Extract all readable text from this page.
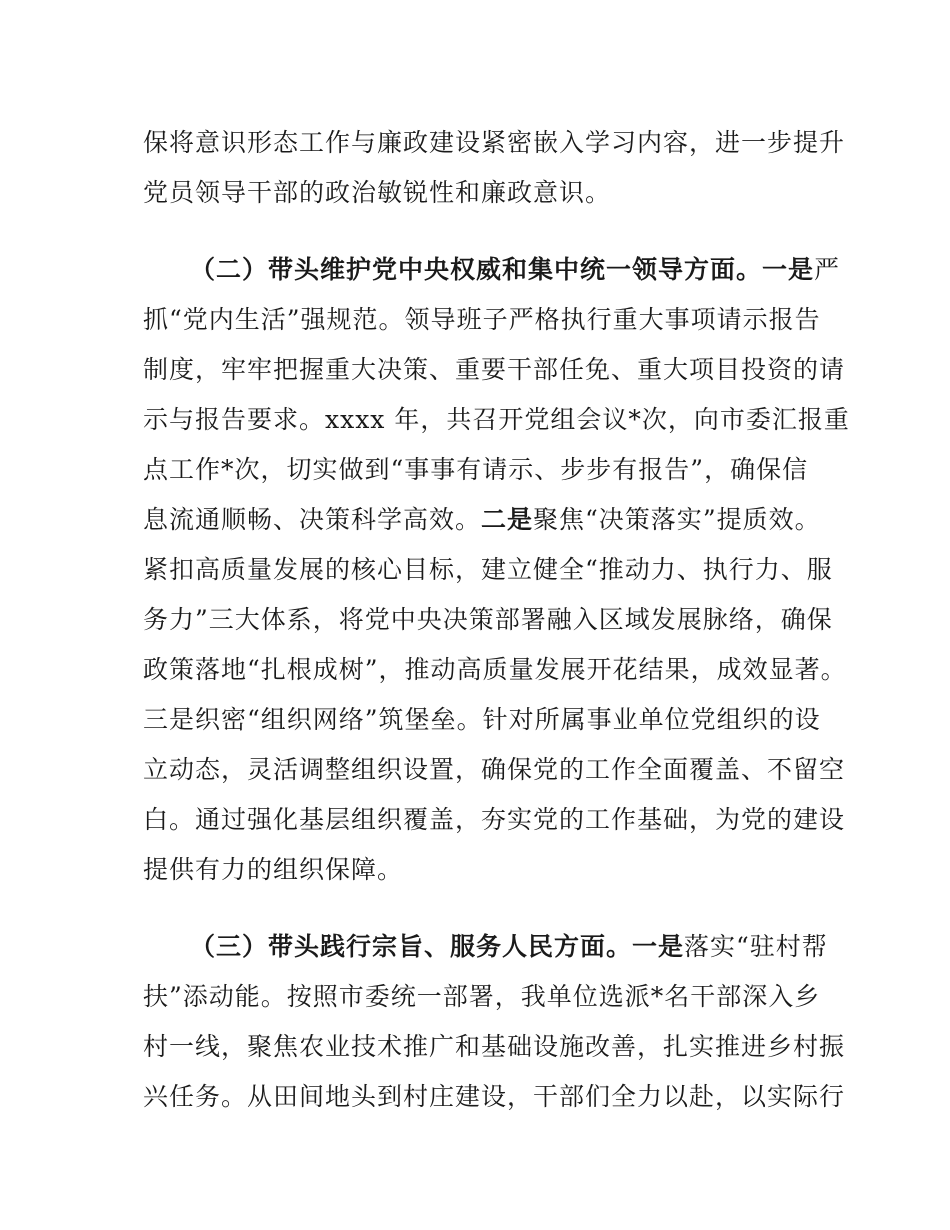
保将意识形态工作与廉政建设紧密嵌入学习内容，进一步提升
党员领导干部的政治敏锐性和廉政意识。
（二）带头维护党中央权威和集中统一领导方面。一是严
抓“党内生活”强规范。领导班子严格执行重大事项请示报告
制度，牢牢把握重大决策、重要干部任免、重大项目投资的请
示与报告要求。xxxx 年，共召开党组会议*次，向市委汇报重
点工作*次，切实做到“事事有请示、步步有报告”，确保信
息流通顺畅、决策科学高效。二是聚焦“决策落实”提质效。
紧扣高质量发展的核心目标，建立健全“推动力、执行力、服
务力”三大体系，将党中央决策部署融入区域发展脉络，确保
政策落地“扎根成树”，推动高质量发展开花结果，成效显著。
三是织密“组织网络”筑堡垒。针对所属事业单位党组织的设
立动态，灵活调整组织设置，确保党的工作全面覆盖、不留空
白。通过强化基层组织覆盖，夯实党的工作基础，为党的建设
提供有力的组织保障。
（三）带头践行宗旨、服务人民方面。一是落实“驻村帮
扶”添动能。按照市委统一部署，我单位选派*名干部深入乡
村一线，聚焦农业技术推广和基础设施改善，扎实推进乡村振
兴任务。从田间地头到村庄建设，干部们全力以赴，以实际行
